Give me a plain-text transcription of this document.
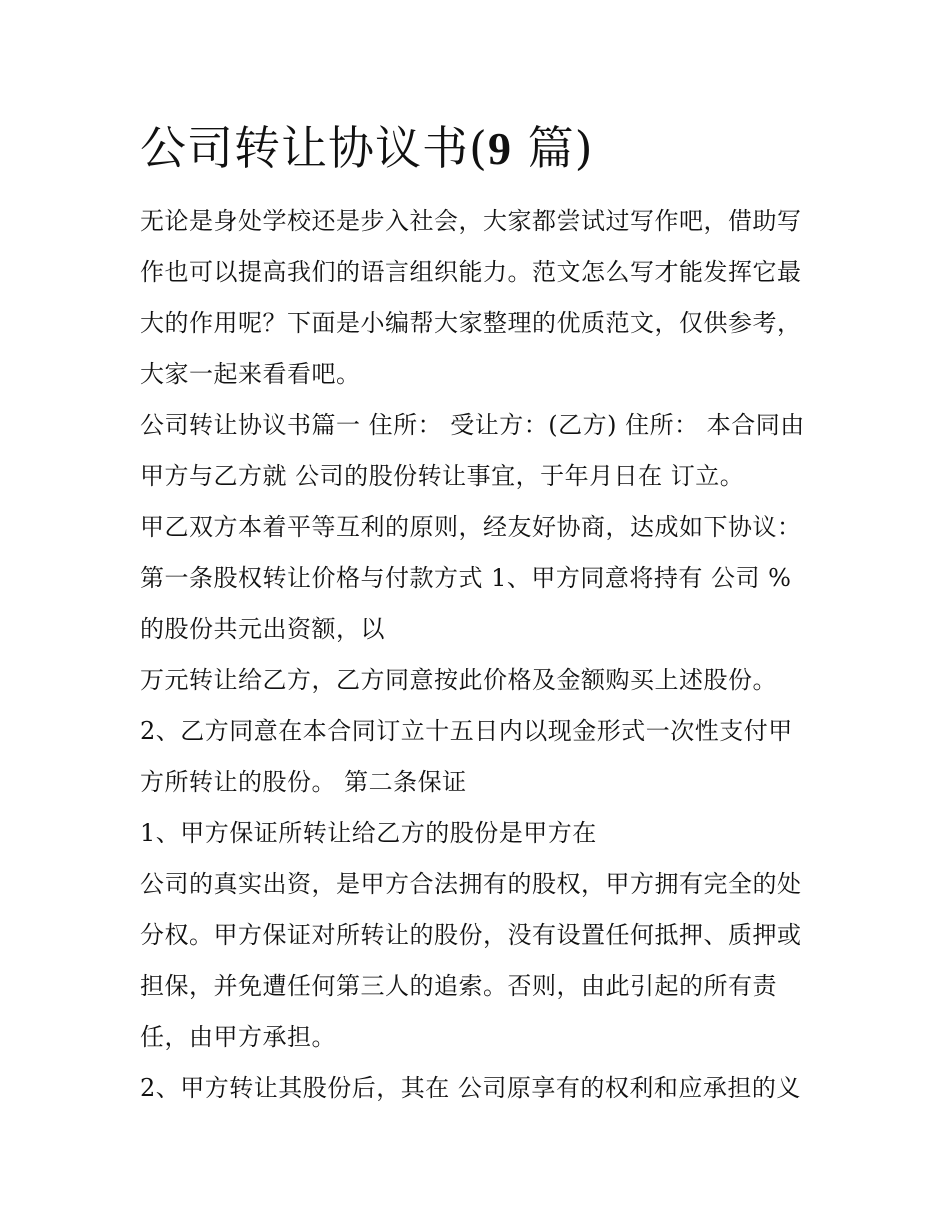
公司转让协议书(9 篇)
无论是身处学校还是步入社会，大家都尝试过写作吧，借助写
作也可以提高我们的语言组织能力。范文怎么写才能发挥它最
大的作用呢？下面是小编帮大家整理的优质范文，仅供参考，
大家一起来看看吧。
公司转让协议书篇一 住所： 受让方：(乙方) 住所： 本合同由
甲方与乙方就 公司的股份转让事宜，于年月日在 订立。
甲乙双方本着平等互利的原则，经友好协商，达成如下协议：
第一条股权转让价格与付款方式 1、甲方同意将持有 公司 %
的股份共元出资额，以
万元转让给乙方，乙方同意按此价格及金额购买上述股份。
2、乙方同意在本合同订立十五日内以现金形式一次性支付甲
方所转让的股份。 第二条保证
1、甲方保证所转让给乙方的股份是甲方在
公司的真实出资，是甲方合法拥有的股权，甲方拥有完全的处
分权。甲方保证对所转让的股份，没有设置任何抵押、质押或
担保，并免遭任何第三人的追索。否则，由此引起的所有责
任，由甲方承担。
2、甲方转让其股份后，其在 公司原享有的权利和应承担的义
